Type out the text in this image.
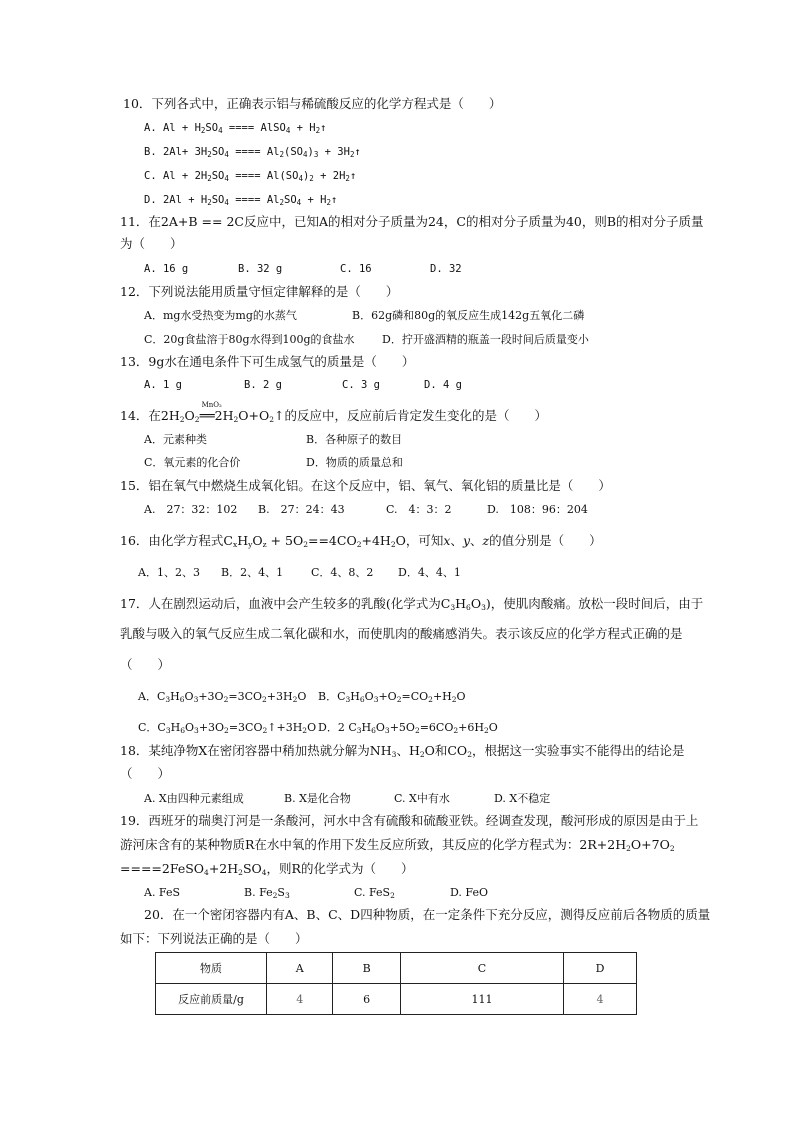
10．下列各式中，正确表示铝与稀硫酸反应的化学方程式是（　　）
A. $Al + H_2SO_4$ ==== AlSO$_4$ + $H_2↑$
B. $2Al+ 3H_2SO_4$ ==== $Al_2(SO_4)_3$ + $3H_2↑$
C. $Al + 2H_2SO_4$ ==== $Al(SO_4)_2$ + $2H_2↑$
D. $2Al + H_2SO_4$ ==== $Al_2SO_4$ + $H_2↑$
11．在2A+B == 2C反应中，已知A的相对分子质量为24，C的相对分子质量为40，则B的相对分子质量
为（　　）
A. 16 g	B. 32 g	C. 16	D. 32
12．下列说法能用质量守恒定律解释的是（　　）
A．mg水受热变为mg的水蒸气	B．62g磷和80g的氧反应生成142g五氧化二磷
C．20g食盐溶于80g水得到100g的食盐水 D．拧开盛酒精的瓶盖一段时间后质量变小
13．9g水在通电条件下可生成氢气的质量是（　　）
A. 1 g	B. 2 g	C. 3 g	D. 4 g
14．在$2H_2O_2$
MnO₂
$══2H_2O+O_2↑$的反应中，反应前后肯定发生变化的是（　　）
A．元素种类	B．各种原子的数目
C．氧元素的化合价	D．物质的质量总和
15．铝在氧气中燃烧生成氧化铝。在这个反应中，铝、氧气、氧化铝的质量比是（　　）
A.　27：32：102 B.　27：24：43	C.　4：3：2	D.　108：96：204
16．由化学方程式$C_xH_yO_z + 5O_2==4CO_2+4H_2O$，可知x、y、z的值分别是（　　）
A．1、2、3 B．2、4、1	C．4、8、2 D．4、4、1
17．人在剧烈运动后，血液中会产生较多的乳酸(化学式为$C_3H_6O_3$)，使肌肉酸痛。放松一段时间后，由于
乳酸与吸入的氧气反应生成二氧化碳和水，而使肌肉的酸痛感消失。表示该反应的化学方程式正确的是
（　　）
A．$C_3H_6O_3+3O_2=3CO_2+3H_2O$ B．$C_3H_6O_3+O_2=CO_2+H_2O$
C．$C_3H_6O_3+3O_2=3CO_2↑+3H_2O$ D．2 $C_3H_6O_3+5O_2=6CO_2+6H_2O$
18．某纯净物X在密闭容器中稍加热就分解为$NH_3$、$H_2O$和$CO_2$，根据这一实验事实不能得出的结论是
（　　）
A. X由四种元素组成	B. X是化合物	C. X中有水	D. X不稳定
19．西班牙的瑞奥汀河是一条酸河，河水中含有硫酸和硫酸亚铁。经调查发现，酸河形成的原因是由于上
游河床含有的某种物质R在水中氧的作用下发生反应所致，其反应的化学方程式为：$2R+2H_2O+7O_2$
$====2FeSO_4+2H_2SO_4$，则R的化学式为（　　）
A. FeS	B. $Fe_2S_3$	C. FeS$_2$	D. FeO
20．在一个密闭容器内有A、B、C、D四种物质，在一定条件下充分反应，测得反应前后各物质的质量
如下：下列说法正确的是（　　）
物质	A	B	C	D
反应前质量/g	4	6	111	4
